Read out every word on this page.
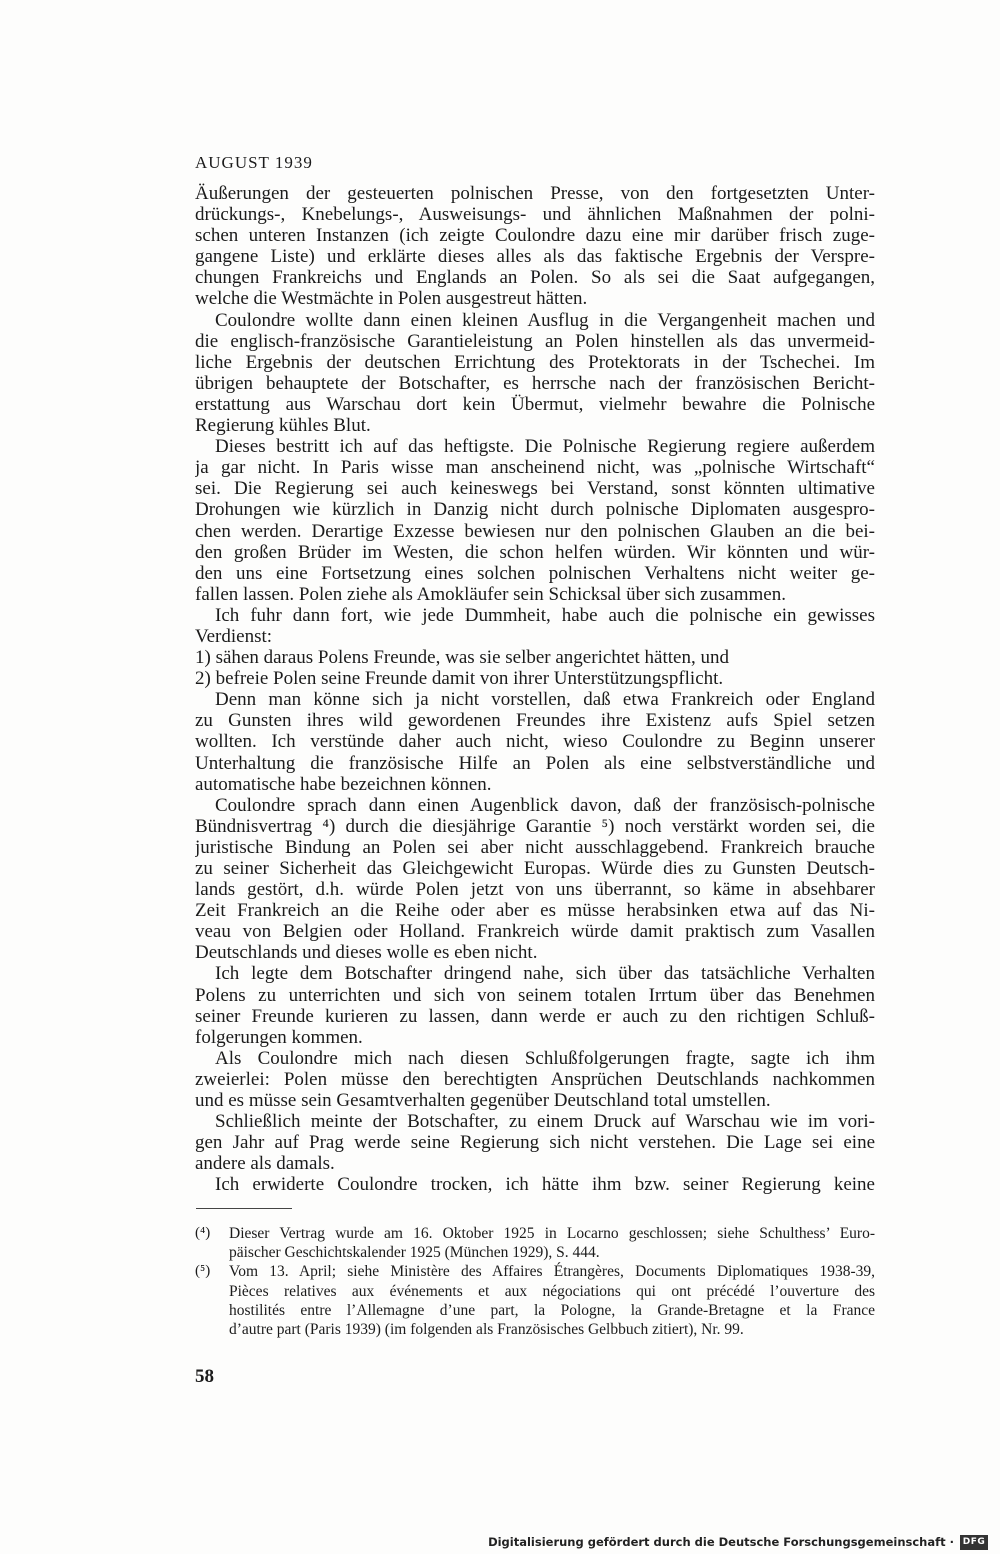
AUGUST 1939
Äußerungen der gesteuerten polnischen Presse, von den fortgesetzten Unter-
drückungs-, Knebelungs-, Ausweisungs- und ähnlichen Maßnahmen der polni-
schen unteren Instanzen (ich zeigte Coulondre dazu eine mir darüber frisch zuge-
gangene Liste) und erklärte dieses alles als das faktische Ergebnis der Verspre-
chungen Frankreichs und Englands an Polen. So als sei die Saat aufgegangen,
welche die Westmächte in Polen ausgestreut hätten.
Coulondre wollte dann einen kleinen Ausflug in die Vergangenheit machen und
die englisch-französische Garantieleistung an Polen hinstellen als das unvermeid-
liche Ergebnis der deutschen Errichtung des Protektorats in der Tschechei. Im
übrigen behauptete der Botschafter, es herrsche nach der französischen Bericht-
erstattung aus Warschau dort kein Übermut, vielmehr bewahre die Polnische
Regierung kühles Blut.
Dieses bestritt ich auf das heftigste. Die Polnische Regierung regiere außerdem
ja gar nicht. In Paris wisse man anscheinend nicht, was „polnische Wirtschaft“
sei. Die Regierung sei auch keineswegs bei Verstand, sonst könnten ultimative
Drohungen wie kürzlich in Danzig nicht durch polnische Diplomaten ausgespro-
chen werden. Derartige Exzesse bewiesen nur den polnischen Glauben an die bei-
den großen Brüder im Westen, die schon helfen würden. Wir könnten und wür-
den uns eine Fortsetzung eines solchen polnischen Verhaltens nicht weiter ge-
fallen lassen. Polen ziehe als Amokläufer sein Schicksal über sich zusammen.
Ich fuhr dann fort, wie jede Dummheit, habe auch die polnische ein gewisses
Verdienst:
1) sähen daraus Polens Freunde, was sie selber angerichtet hätten, und
2) befreie Polen seine Freunde damit von ihrer Unterstützungspflicht.
Denn man könne sich ja nicht vorstellen, daß etwa Frankreich oder England
zu Gunsten ihres wild gewordenen Freundes ihre Existenz aufs Spiel setzen
wollten. Ich verstünde daher auch nicht, wieso Coulondre zu Beginn unserer
Unterhaltung die französische Hilfe an Polen als eine selbstverständliche und
automatische habe bezeichnen können.
Coulondre sprach dann einen Augenblick davon, daß der französisch-polnische
Bündnisvertrag ⁴) durch die diesjährige Garantie ⁵) noch verstärkt worden sei, die
juristische Bindung an Polen sei aber nicht ausschlaggebend. Frankreich brauche
zu seiner Sicherheit das Gleichgewicht Europas. Würde dies zu Gunsten Deutsch-
lands gestört, d.h. würde Polen jetzt von uns überrannt, so käme in absehbarer
Zeit Frankreich an die Reihe oder aber es müsse herabsinken etwa auf das Ni-
veau von Belgien oder Holland. Frankreich würde damit praktisch zum Vasallen
Deutschlands und dieses wolle es eben nicht.
Ich legte dem Botschafter dringend nahe, sich über das tatsächliche Verhalten
Polens zu unterrichten und sich von seinem totalen Irrtum über das Benehmen
seiner Freunde kurieren zu lassen, dann werde er auch zu den richtigen Schluß-
folgerungen kommen.
Als Coulondre mich nach diesen Schlußfolgerungen fragte, sagte ich ihm
zweierlei: Polen müsse den berechtigten Ansprüchen Deutschlands nachkommen
und es müsse sein Gesamtverhalten gegenüber Deutschland total umstellen.
Schließlich meinte der Botschafter, zu einem Druck auf Warschau wie im vori-
gen Jahr auf Prag werde seine Regierung sich nicht verstehen. Die Lage sei eine
andere als damals.
Ich erwiderte Coulondre trocken, ich hätte ihm bzw. seiner Regierung keine
(⁴)	Dieser Vertrag wurde am 16. Oktober 1925 in Locarno geschlossen; siehe Schulthess’ Euro-
päischer Geschichtskalender 1925 (München 1929), S. 444.
(⁵)	Vom 13. April; siehe Ministère des Affaires Étrangères, Documents Diplomatiques 1938-39,
Pièces relatives aux événements et aux négociations qui ont précédé l’ouverture des
hostilités entre l’Allemagne d’une part, la Pologne, la Grande-Bretagne et la France
d’autre part (Paris 1939) (im folgenden als Französisches Gelbbuch zitiert), Nr. 99.
58
Digitalisierung gefördert durch die Deutsche Forschungsgemeinschaft · DFG
